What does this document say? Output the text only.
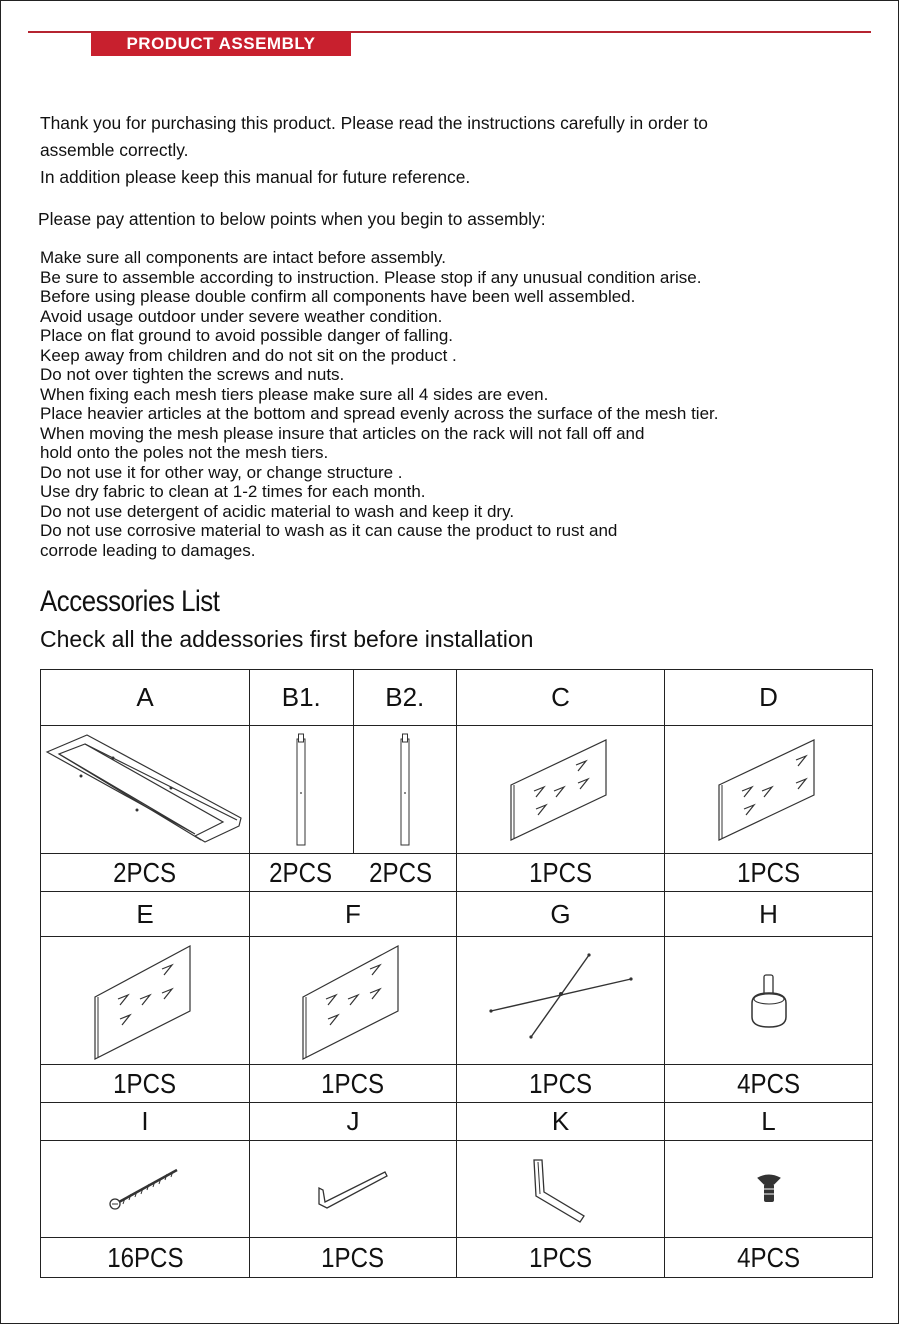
PRODUCT ASSEMBLY

Thank you for purchasing this product. Please read the instructions carefully in order to

assemble correctly.

In addition please keep this manual for future reference.

Please pay attention to below points when you begin to assembly:
Make sure all components are intact before assembly.
Be sure to assemble according to instruction. Please stop if any unusual condition arise.
Before using please double confirm all components have been well assembled.
Avoid usage outdoor under severe weather condition.
Place on flat ground to avoid possible danger of falling.
Keep away from children and do not sit on the product .
Do not over tighten the screws and nuts.
When fixing each mesh tiers please make sure all 4 sides are even.
Place heavier articles at the bottom and spread evenly across the surface of the mesh tier.
When moving the mesh please insure that articles on the rack will not fall off and
hold onto the poles not the mesh tiers.
Do not use it for other way, or change structure .
Use dry fabric to clean at 1-2 times for each month.
Do not use detergent of acidic material to wash and keep it dry.
Do not use corrosive material to wash as it can cause the product to rust and
corrode leading to damages.
Accessories List
Check all the addessories first before installation
A	B1. B2.	C	D

2PCS	2PCS 2PCS	1PCS	1PCS
E	F	G	H

1PCS	1PCS	1PCS	4PCS
I	J	K	L

16PCS	1PCS	1PCS	4PCS
